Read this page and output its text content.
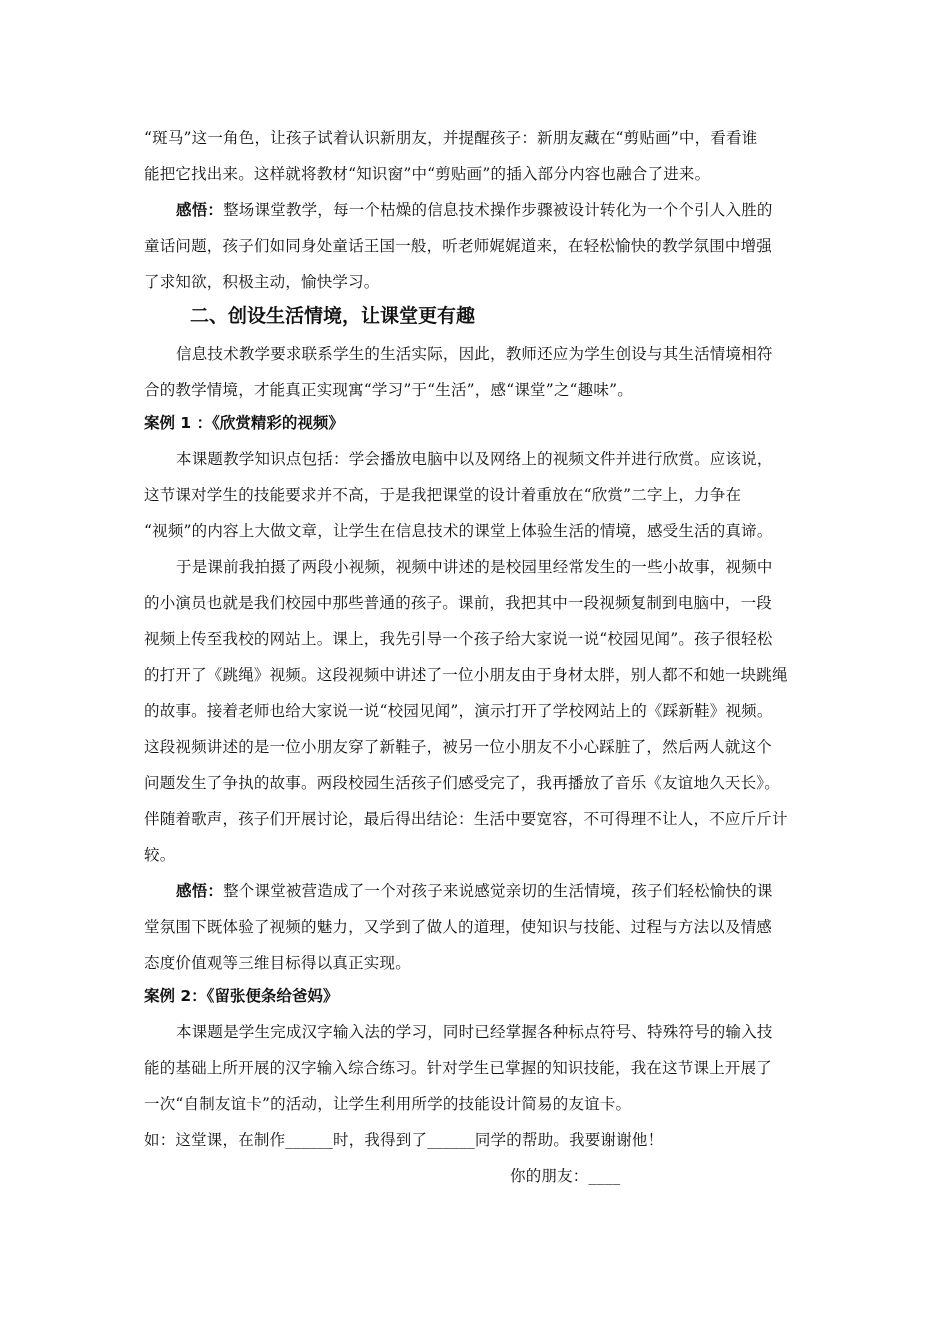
“斑马”这一角色，让孩子试着认识新朋友，并提醒孩子：新朋友藏在“剪贴画”中，看看谁
能把它找出来。这样就将教材“知识窗”中“剪贴画”的插入部分内容也融合了进来。
感悟：整场课堂教学，每一个枯燥的信息技术操作步骤被设计转化为一个个引人入胜的
童话问题，孩子们如同身处童话王国一般，听老师娓娓道来，在轻松愉快的教学氛围中增强
了求知欲，积极主动，愉快学习。
二、创设生活情境，让课堂更有趣
信息技术教学要求联系学生的生活实际，因此，教师还应为学生创设与其生活情境相符
合的教学情境，才能真正实现寓“学习”于“生活”，感“课堂”之“趣味”。
案例 1 ：《欣赏精彩的视频》
本课题教学知识点包括：学会播放电脑中以及网络上的视频文件并进行欣赏。应该说，
这节课对学生的技能要求并不高，于是我把课堂的设计着重放在“欣赏”二字上，力争在
“视频”的内容上大做文章，让学生在信息技术的课堂上体验生活的情境，感受生活的真谛。
于是课前我拍摄了两段小视频，视频中讲述的是校园里经常发生的一些小故事，视频中
的小演员也就是我们校园中那些普通的孩子。课前，我把其中一段视频复制到电脑中，一段
视频上传至我校的网站上。课上，我先引导一个孩子给大家说一说“校园见闻”。孩子很轻松
的打开了《跳绳》视频。这段视频中讲述了一位小朋友由于身材太胖，别人都不和她一块跳绳
的故事。接着老师也给大家说一说“校园见闻”，演示打开了学校网站上的《踩新鞋》视频。
这段视频讲述的是一位小朋友穿了新鞋子，被另一位小朋友不小心踩脏了，然后两人就这个
问题发生了争执的故事。两段校园生活孩子们感受完了，我再播放了音乐《友谊地久天长》。
伴随着歌声，孩子们开展讨论，最后得出结论：生活中要宽容，不可得理不让人，不应斤斤计
较。
感悟：整个课堂被营造成了一个对孩子来说感觉亲切的生活情境，孩子们轻松愉快的课
堂氛围下既体验了视频的魅力，又学到了做人的道理，使知识与技能、过程与方法以及情感
态度价值观等三维目标得以真正实现。
案例 2：《留张便条给爸妈》
本课题是学生完成汉字输入法的学习，同时已经掌握各种标点符号、特殊符号的输入技
能的基础上所开展的汉字输入综合练习。针对学生已掌握的知识技能，我在这节课上开展了
一次“自制友谊卡”的活动，让学生利用所学的技能设计简易的友谊卡。
如：这堂课，在制作______时，我得到了______同学的帮助。我要谢谢他！
你的朋友：____
